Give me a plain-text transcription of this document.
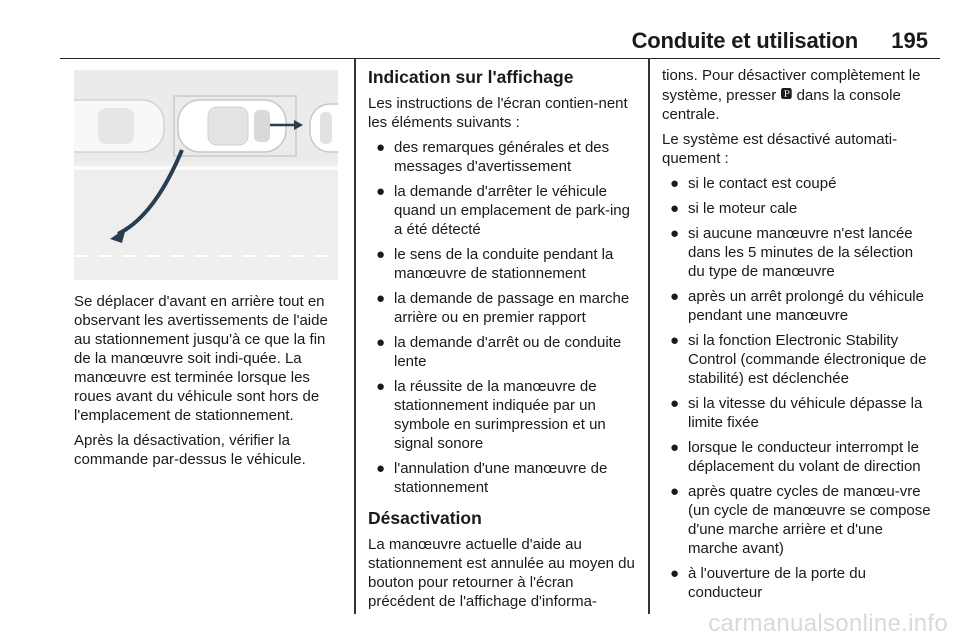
Conduite et utilisation 195

Se déplacer d'avant en arrière tout en observant les avertissements de l'aide au stationnement jusqu'à ce que la fin de la manœuvre soit indi-quée. La manœuvre est terminée lorsque les roues avant du véhicule sont hors de l'emplacement de stationnement.

Après la désactivation, vérifier la commande par-dessus le véhicule.

Indication sur l'affichage

Les instructions de l'écran contien-nent les éléments suivants :

● des remarques générales et des messages d'avertissement
● la demande d'arrêter le véhicule quand un emplacement de park-ing a été détecté
● le sens de la conduite pendant la manœuvre de stationnement
● la demande de passage en marche arrière ou en premier rapport
● la demande d'arrêt ou de conduite lente
● la réussite de la manœuvre de stationnement indiquée par un symbole en surimpression et un signal sonore
● l'annulation d'une manœuvre de stationnement
Désactivation

La manœuvre actuelle d'aide au stationnement est annulée au moyen du bouton pour retourner à l'écran précédent de l'affichage d'informa-

tions. Pour désactiver complètement le système, presser 🅿 dans la console centrale.

Le système est désactivé automati-quement :

● si le contact est coupé
● si le moteur cale
● si aucune manœuvre n'est lancée dans les 5 minutes de la sélection du type de manœuvre
● après un arrêt prolongé du véhicule pendant une manœuvre
● si la fonction Electronic Stability Control (commande électronique de stabilité) est déclenchée
● si la vitesse du véhicule dépasse la limite fixée
● lorsque le conducteur interrompt le déplacement du volant de direction
● après quatre cycles de manœu-vre (un cycle de manœuvre se compose d'une marche arrière et d'une marche avant)
● à l'ouverture de la porte du conducteur
carmanualsonline.info
